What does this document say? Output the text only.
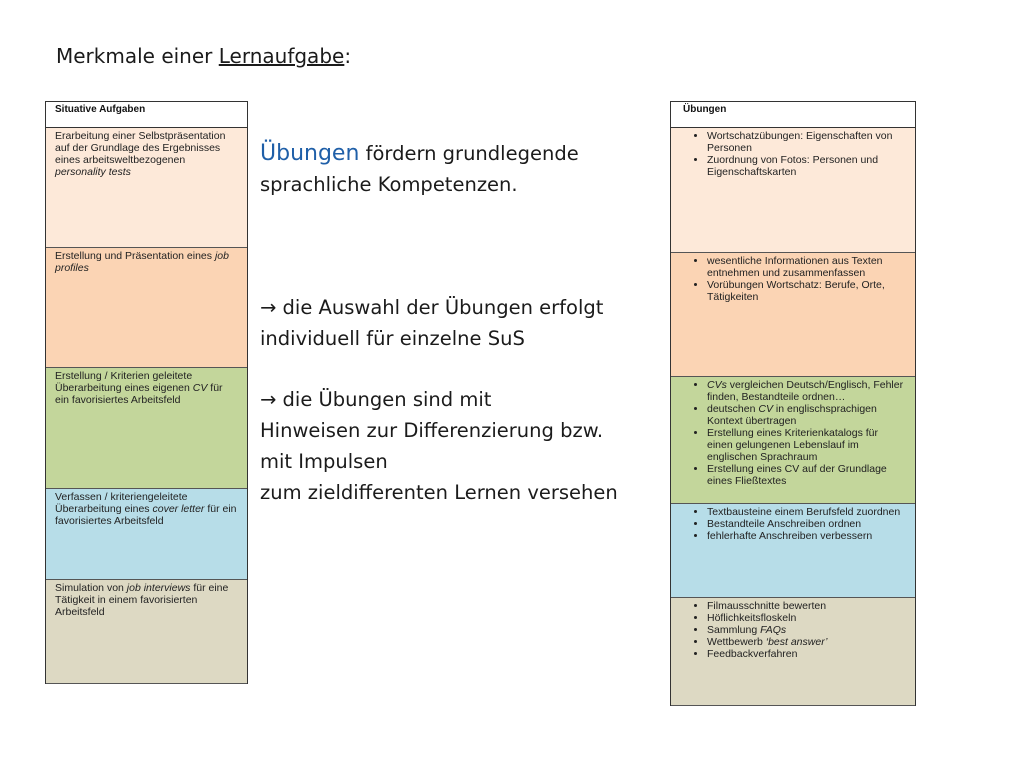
Merkmale einer Lernaufgabe:
Situative Aufgaben
Erarbeitung einer Selbstpräsentation auf der Grundlage des Ergebnisses eines arbeitsweltbezogenen personality tests
Erstellung und Präsentation eines job profiles
Erstellung / Kriterien geleitete Überarbeitung eines eigenen CV für ein favorisiertes Arbeitsfeld
Verfassen / kriteriengeleitete Überarbeitung eines cover letter für ein favorisiertes Arbeitsfeld
Simulation von job interviews für eine Tätigkeit in einem favorisierten Arbeitsfeld
Übungen fördern grundlegende sprachliche Kompetenzen.
→ die Auswahl der Übungen erfolgt individuell für einzelne SuS
→ die Übungen sind mit
Hinweisen zur Differenzierung bzw.
mit Impulsen
zum zieldifferenten Lernen versehen
Übungen
• Wortschatzübungen: Eigenschaften von Personen
• Zuordnung von Fotos: Personen und Eigenschaftskarten
• wesentliche Informationen aus Texten entnehmen und zusammenfassen
• Vorübungen Wortschatz: Berufe, Orte, Tätigkeiten
• CVs vergleichen Deutsch/Englisch, Fehler finden, Bestandteile ordnen…
• deutschen CV in englischsprachigen Kontext übertragen
• Erstellung eines Kriterienkatalogs für einen gelungenen Lebenslauf im englischen Sprachraum
• Erstellung eines CV auf der Grundlage eines Fließtextes
• Textbausteine einem Berufsfeld zuordnen
• Bestandteile Anschreiben ordnen
• fehlerhafte Anschreiben verbessern
• Filmausschnitte bewerten
• Höflichkeitsfloskeln
• Sammlung FAQs
• Wettbewerb ‘best answer’
• Feedbackverfahren
